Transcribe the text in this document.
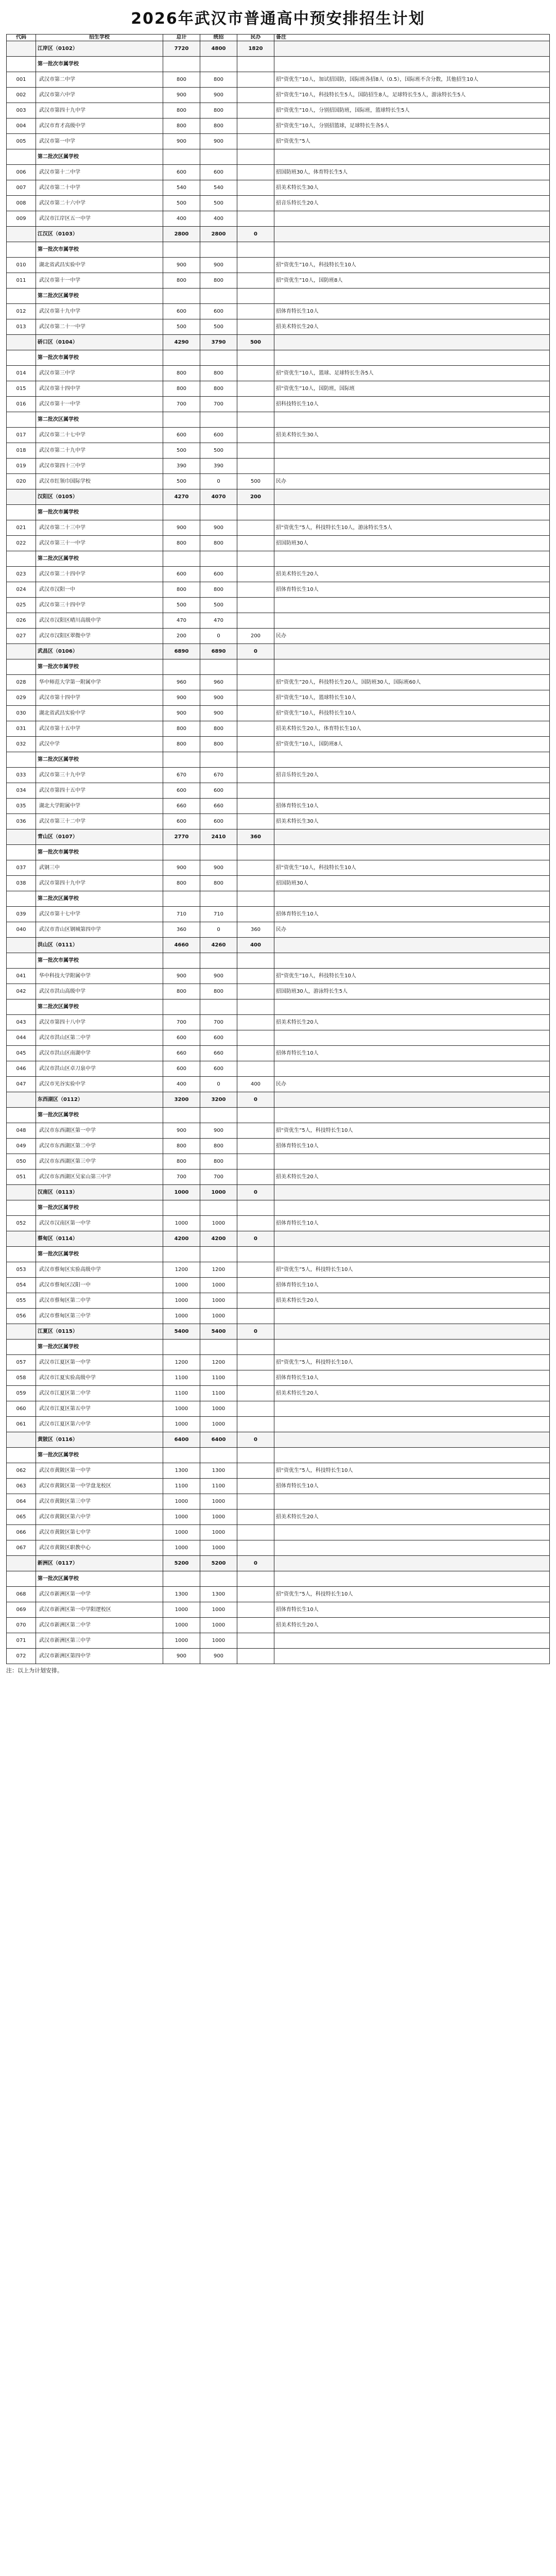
2026年武汉市普通高中预安排招生计划
代码	招生学校	总计	统招	民办	备注
	江岸区（0102）	7720	4800	1820	
	第一批次市属学校				
001	武汉市第二中学	800	800		招“资优生”10人，加试招国防，国际班各招8人（0.5），国际班不含分数，其他招生10人
002	武汉市第六中学	900	900		招“资优生”10人，科技特长生5人，国防招生8人，足球特长生5人，游泳特长生5人
003	武汉市第四十九中学	800	800		招“资优生”10人，分别招国防班，国际班，篮球特长生5人
004	武汉市育才高级中学	800	800		招“资优生”10人，分别招篮球，足球特长生各5人
005	武汉市第一中学	900	900		招“资优生”5人
	第二批次区属学校				
006	武汉市第十二中学	600	600		招国防班30人，体育特长生5人
007	武汉市第二十中学	540	540		招美术特长生30人
008	武汉市第二十六中学	500	500		招音乐特长生20人
009	武汉市江岸区五一中学	400	400		
	江汉区（0103）	2800	2800	0	
	第一批次市属学校				
010	湖北省武昌实验中学	900	900		招“资优生”10人，科技特长生10人
011	武汉市第十一中学	800	800		招“资优生”10人，国防班8人
	第二批次区属学校				
012	武汉市第十九中学	600	600		招体育特长生10人
013	武汉市第二十一中学	500	500		招美术特长生20人
	硚口区（0104）	4290	3790	500	
	第一批次市属学校				
014	武汉市第三中学	800	800		招“资优生”10人，篮球、足球特长生各5人
015	武汉市第十四中学	800	800		招“资优生”10人，国防班，国际班
016	武汉市第十一中学	700	700		招科技特长生10人
	第二批次区属学校				
017	武汉市第二十七中学	600	600		招美术特长生30人
018	武汉市第二十九中学	500	500		
019	武汉市第四十三中学	390	390		
020	武汉市红领巾国际学校	500	0	500	民办
	汉阳区（0105）	4270	4070	200	
	第一批次市属学校				
021	武汉市第二十三中学	900	900		招“资优生”5人，科技特长生10人，游泳特长生5人
022	武汉市第三十一中学	800	800		招国防班30人
	第二批次区属学校				
023	武汉市第二十四中学	600	600		招美术特长生20人
024	武汉市汉阳一中	800	800		招体育特长生10人
025	武汉市第三十四中学	500	500		
026	武汉市汉阳区晴川高级中学	470	470		
027	武汉市汉阳区翠微中学	200	0	200	民办
	武昌区（0106）	6890	6890	0	
	第一批次市属学校				
028	华中师范大学第一附属中学	960	960		招“资优生”20人，科技特长生20人，国防班30人，国际班60人
029	武汉市第十四中学	900	900		招“资优生”10人，篮球特长生10人
030	湖北省武昌实验中学	900	900		招“资优生”10人，科技特长生10人
031	武汉市第十五中学	800	800		招美术特长生20人，体育特长生10人
032	武汉中学	800	800		招“资优生”10人，国防班8人
	第二批次区属学校				
033	武汉市第三十九中学	670	670		招音乐特长生20人
034	武汉市第四十五中学	600	600		
035	湖北大学附属中学	660	660		招体育特长生10人
036	武汉市第三十二中学	600	600		招美术特长生30人
	青山区（0107）	2770	2410	360	
	第一批次市属学校				
037	武钢三中	900	900		招“资优生”10人，科技特长生10人
038	武汉市第四十九中学	800	800		招国防班30人
	第二批次区属学校				
039	武汉市第十七中学	710	710		招体育特长生10人
040	武汉市青山区钢城第四中学	360	0	360	民办
	洪山区（0111）	4660	4260	400	
	第一批次市属学校				
041	华中科技大学附属中学	900	900		招“资优生”10人，科技特长生10人
042	武汉市洪山高级中学	800	800		招国防班30人，游泳特长生5人
	第二批次区属学校				
043	武汉市第四十八中学	700	700		招美术特长生20人
044	武汉市洪山区第二中学	600	600		
045	武汉市洪山区南湖中学	660	660		招体育特长生10人
046	武汉市洪山区卓刀泉中学	600	600		
047	武汉市光谷实验中学	400	0	400	民办
	东西湖区（0112）	3200	3200	0	
	第一批次区属学校				
048	武汉市东西湖区第一中学	900	900		招“资优生”5人，科技特长生10人
049	武汉市东西湖区第二中学	800	800		招体育特长生10人
050	武汉市东西湖区第三中学	800	800		
051	武汉市东西湖区吴家山第三中学	700	700		招美术特长生20人
	汉南区（0113）	1000	1000	0	
	第一批次区属学校				
052	武汉市汉南区第一中学	1000	1000		招体育特长生10人
	蔡甸区（0114）	4200	4200	0	
	第一批次区属学校				
053	武汉市蔡甸区实验高级中学	1200	1200		招“资优生”5人，科技特长生10人
054	武汉市蔡甸区汉阳一中	1000	1000		招体育特长生10人
055	武汉市蔡甸区第二中学	1000	1000		招美术特长生20人
056	武汉市蔡甸区第三中学	1000	1000		
	江夏区（0115）	5400	5400	0	
	第一批次区属学校				
057	武汉市江夏区第一中学	1200	1200		招“资优生”5人，科技特长生10人
058	武汉市江夏实验高级中学	1100	1100		招体育特长生10人
059	武汉市江夏区第二中学	1100	1100		招美术特长生20人
060	武汉市江夏区第五中学	1000	1000		
061	武汉市江夏区第六中学	1000	1000		
	黄陂区（0116）	6400	6400	0	
	第一批次区属学校				
062	武汉市黄陂区第一中学	1300	1300		招“资优生”5人，科技特长生10人
063	武汉市黄陂区第一中学盘龙校区	1100	1100		招体育特长生10人
064	武汉市黄陂区第三中学	1000	1000		
065	武汉市黄陂区第六中学	1000	1000		招美术特长生20人
066	武汉市黄陂区第七中学	1000	1000		
067	武汉市黄陂区职教中心	1000	1000		
	新洲区（0117）	5200	5200	0	
	第一批次区属学校				
068	武汉市新洲区第一中学	1300	1300		招“资优生”5人，科技特长生10人
069	武汉市新洲区第一中学阳逻校区	1000	1000		招体育特长生10人
070	武汉市新洲区第二中学	1000	1000		招美术特长生20人
071	武汉市新洲区第三中学	1000	1000		
072	武汉市新洲区第四中学	900	900		
注：以上为计划安排。
